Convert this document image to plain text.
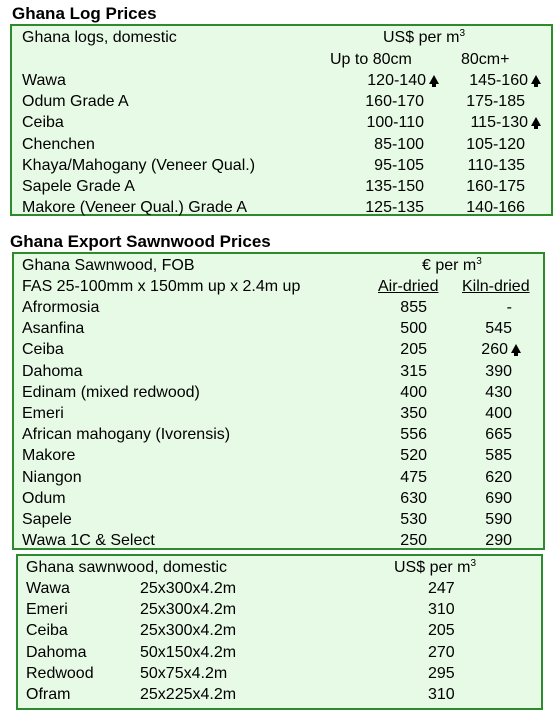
Ghana Log Prices
Ghana logs, domestic	US$ per $m^3$
Up to 80cm	80cm+
Wawa	120-140	145-160
Odum Grade A	160-170	175-185
Ceiba	100-110	115-130
Chenchen	85-100	105-120
Khaya/Mahogany (Veneer Qual.)	95-105	110-135
Sapele Grade A	135-150	160-175
Makore (Veneer Qual.) Grade A	125-135	140-166
Ghana Export Sawnwood Prices
Ghana Sawnwood, FOB
FAS 25-100mm x 150mm up x 2.4m up
€ per $m^3$
Air-dried Kiln-dried
Afrormosia	855	-
Asanfina	500	545
Ceiba	205	260
Dahoma	315	390
Edinam (mixed redwood)	400	430
Emeri	350	400
African mahogany (Ivorensis)	556	665
Makore	520	585
Niangon	475	620
Odum	630	690
Sapele	530	590
Wawa 1C & Select	250	290
Ghana sawnwood, domestic	US$ per $m^3$
Wawa	25x300x4.2m	247
Emeri	25x300x4.2m	310
Ceiba	25x300x4.2m	205
Dahoma	50x150x4.2m	270
Redwood	50x75x4.2m	295
Ofram	25x225x4.2m	310
